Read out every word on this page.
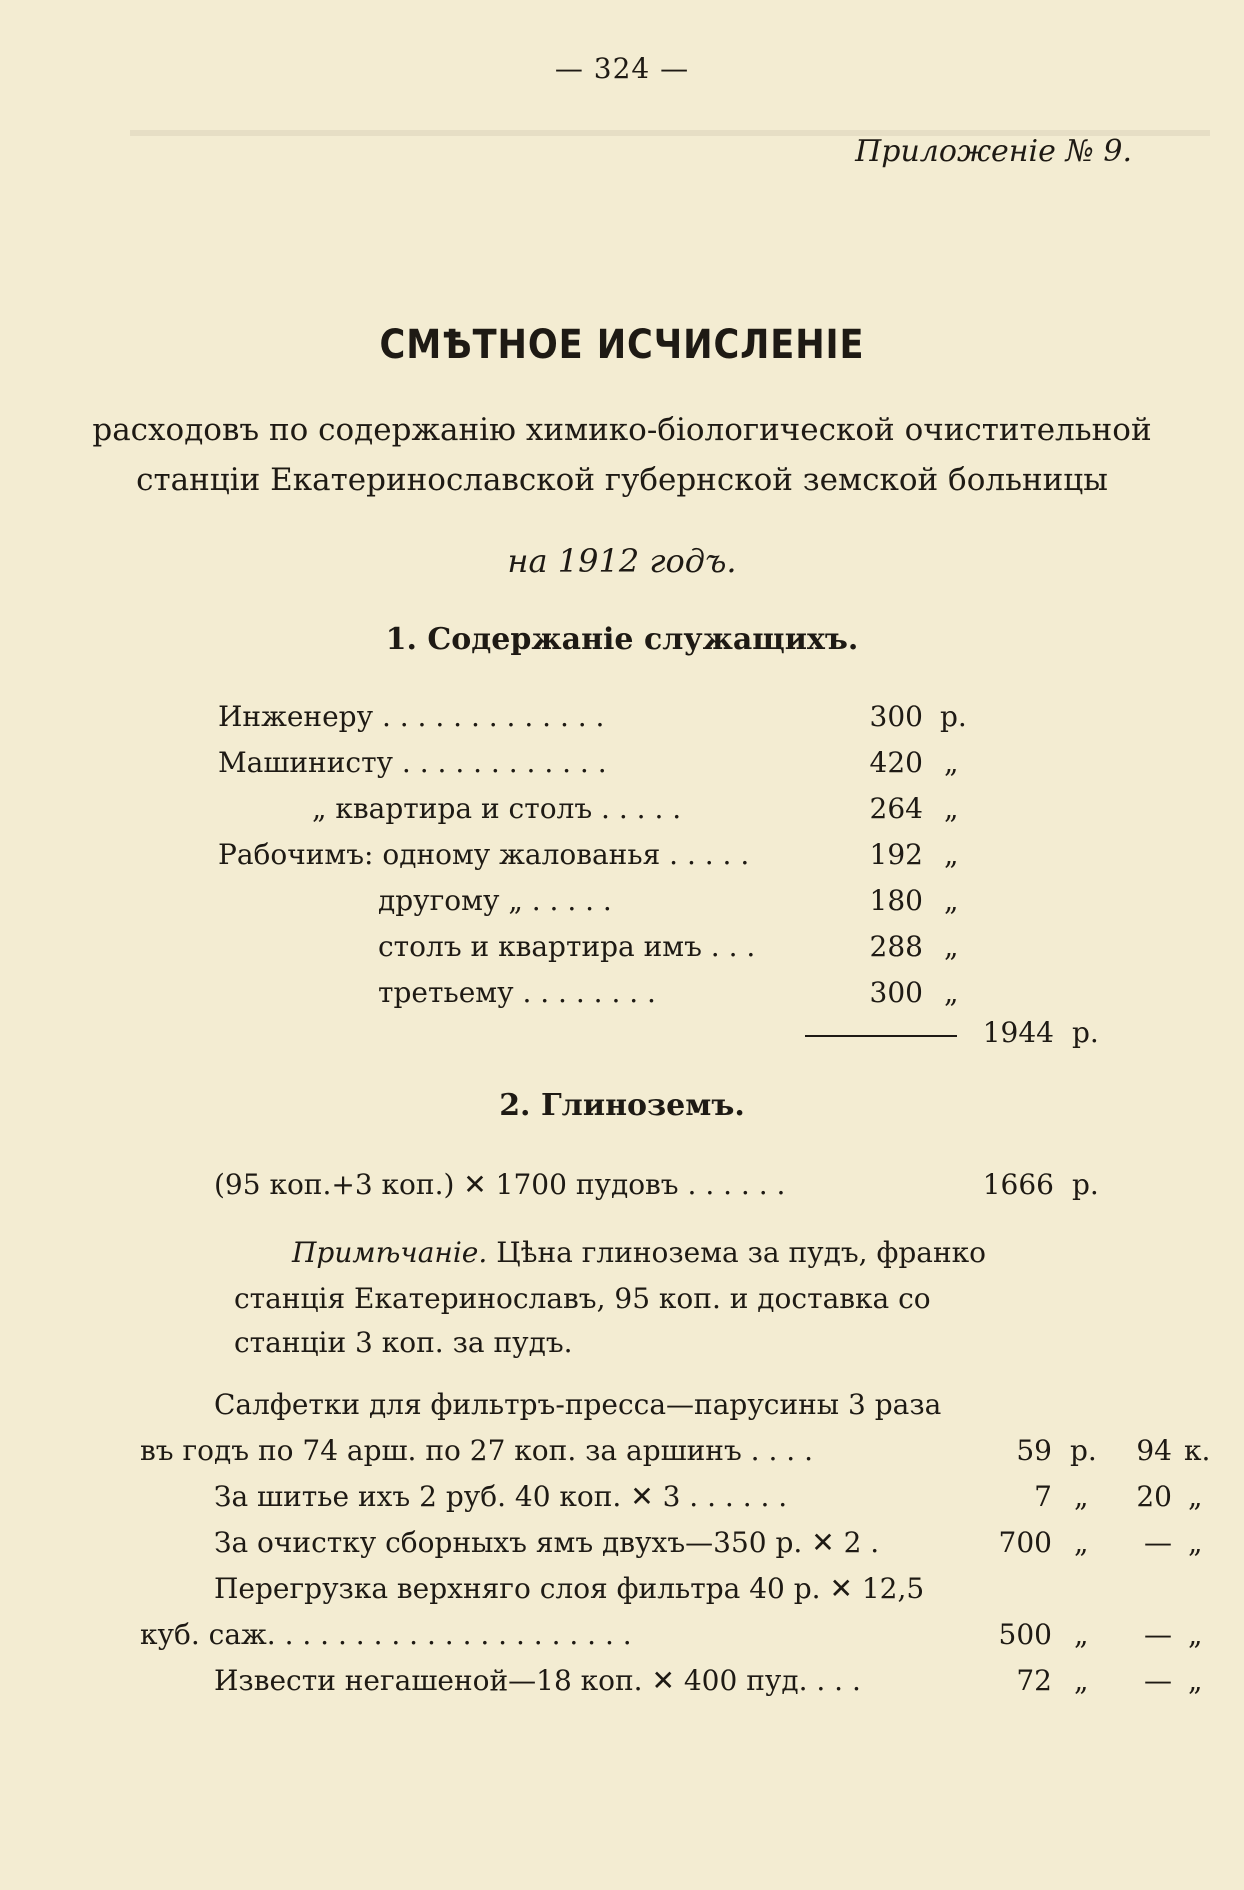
— 324 —
Приложеніе № 9.
СМѢТНОЕ ИСЧИСЛЕНІЕ
расходовъ по содержанію химико-біологической очистительной
станціи Екатеринославской губернской земской больницы
на 1912 годъ.
1. Содержаніе служащихъ.
Инженеру . . . . . . . . . . . . .	300 р.
Машинисту . . . . . . . . . . . .	420 „
„ квартира и столъ . . . . .	264 „
Рабочимъ: одному жалованья . . . . .	192 „
другому „ . . . . .	180 „
столъ и квартира имъ . . .	288 „
третьему . . . . . . . .	300 „
1944 р.
2. Глиноземъ.
(95 коп.+3 коп.) ✕ 1700 пудовъ . . . . . .	1666 р.
Примѣчаніе. Цѣна глинозема за пудъ, франко
станція Екатеринославъ, 95 коп. и доставка со
станціи 3 коп. за пудъ.
Салфетки для фильтръ-пресса—парусины 3 раза
въ годъ по 74 арш. по 27 коп. за аршинъ . . . .	59 р.	94 к.
За шитье ихъ 2 руб. 40 коп. ✕ 3 . . . . . .	7 „	20 „
За очистку сборныхъ ямъ двухъ—350 р. ✕ 2 .	700 „	— „
Перегрузка верхняго слоя фильтра 40 р. ✕ 12,5
куб. саж. . . . . . . . . . . . . . . . . . . . .	500 „	— „
Извести негашеной—18 коп. ✕ 400 пуд. . . .	72 „	— „
